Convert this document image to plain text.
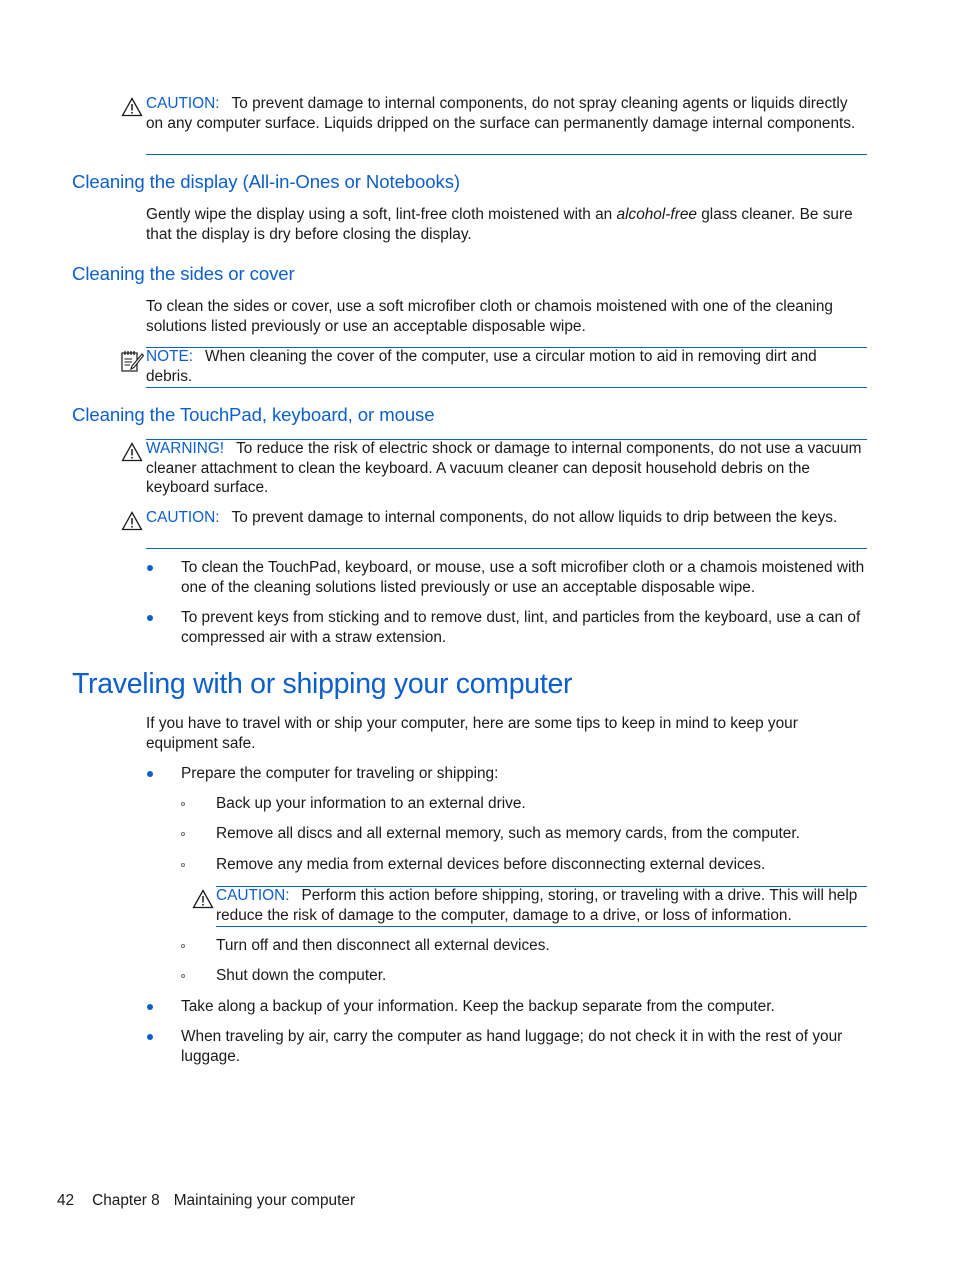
CAUTION: To prevent damage to internal components, do not spray cleaning agents or liquids directly on any computer surface. Liquids dripped on the surface can permanently damage internal components.

Cleaning the display (All-in-Ones or Notebooks)

Gently wipe the display using a soft, lint-free cloth moistened with an alcohol-free glass cleaner. Be sure that the display is dry before closing the display.

Cleaning the sides or cover

To clean the sides or cover, use a soft microfiber cloth or chamois moistened with one of the cleaning solutions listed previously or use an acceptable disposable wipe.

NOTE: When cleaning the cover of the computer, use a circular motion to aid in removing dirt and debris.

Cleaning the TouchPad, keyboard, or mouse

WARNING! To reduce the risk of electric shock or damage to internal components, do not use a vacuum cleaner attachment to clean the keyboard. A vacuum cleaner can deposit household debris on the keyboard surface.

CAUTION: To prevent damage to internal components, do not allow liquids to drip between the keys.

To clean the TouchPad, keyboard, or mouse, use a soft microfiber cloth or a chamois moistened with one of the cleaning solutions listed previously or use an acceptable disposable wipe.

To prevent keys from sticking and to remove dust, lint, and particles from the keyboard, use a can of compressed air with a straw extension.

Traveling with or shipping your computer

If you have to travel with or ship your computer, here are some tips to keep in mind to keep your equipment safe.

Prepare the computer for traveling or shipping:

Back up your information to an external drive.

Remove all discs and all external memory, such as memory cards, from the computer.

Remove any media from external devices before disconnecting external devices.

CAUTION: Perform this action before shipping, storing, or traveling with a drive. This will help reduce the risk of damage to the computer, damage to a drive, or loss of information.

Turn off and then disconnect all external devices.

Shut down the computer.

Take along a backup of your information. Keep the backup separate from the computer.

When traveling by air, carry the computer as hand luggage; do not check it in with the rest of your luggage.

42 Chapter 8 Maintaining your computer
